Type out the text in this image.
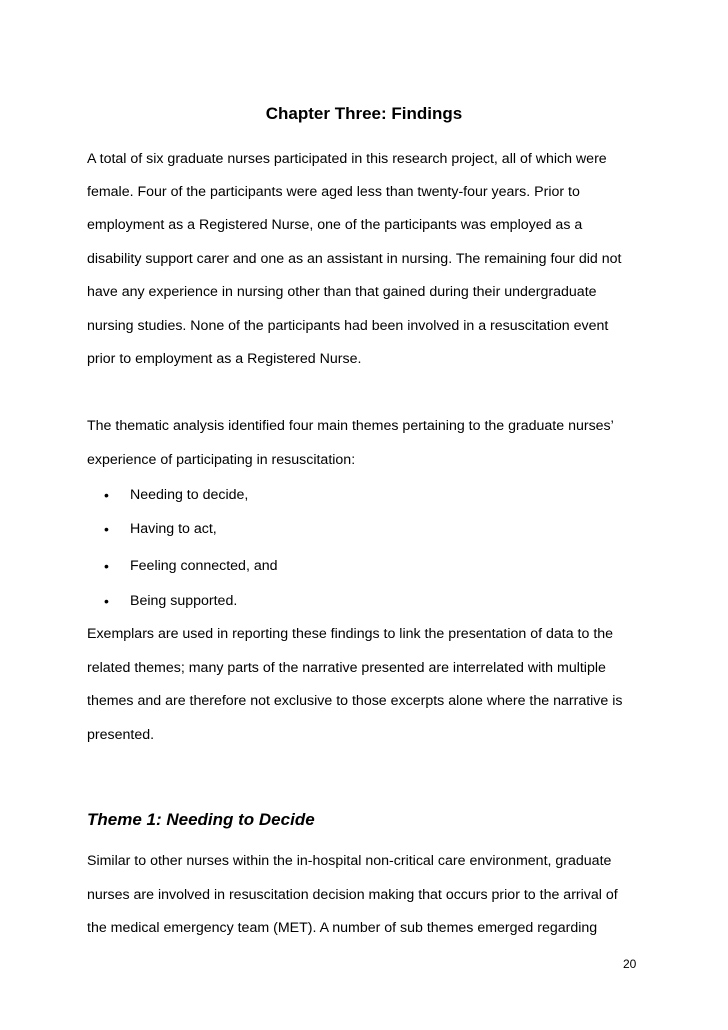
Chapter Three: Findings

A total of six graduate nurses participated in this research project, all of which were

female. Four of the participants were aged less than twenty-four years. Prior to

employment as a Registered Nurse, one of the participants was employed as a

disability support carer and one as an assistant in nursing. The remaining four did not

have any experience in nursing other than that gained during their undergraduate

nursing studies. None of the participants had been involved in a resuscitation event

prior to employment as a Registered Nurse.

The thematic analysis identified four main themes pertaining to the graduate nurses’

experience of participating in resuscitation:

• Needing to decide,
• Having to act,
• Feeling connected, and
• Being supported.

Exemplars are used in reporting these findings to link the presentation of data to the

related themes; many parts of the narrative presented are interrelated with multiple

themes and are therefore not exclusive to those excerpts alone where the narrative is

presented.

Theme 1: Needing to Decide

Similar to other nurses within the in-hospital non-critical care environment, graduate

nurses are involved in resuscitation decision making that occurs prior to the arrival of

the medical emergency team (MET). A number of sub themes emerged regarding

20
